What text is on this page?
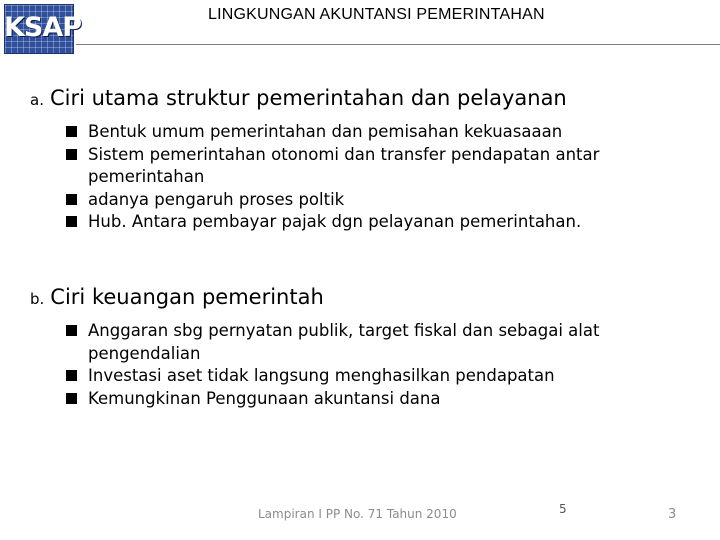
KSAP	LINGKUNGAN AKUNTANSI PEMERINTAHAN
a. Ciri utama struktur pemerintahan dan pelayanan
Bentuk umum pemerintahan dan pemisahan kekuasaaan
Sistem pemerintahan otonomi dan transfer pendapatan antar pemerintahan
adanya pengaruh proses poltik
Hub. Antara pembayar pajak dgn pelayanan pemerintahan.
b. Ciri keuangan pemerintah
Anggaran sbg pernyatan publik, target fiskal dan sebagai alat pengendalian
Investasi aset tidak langsung menghasilkan pendapatan
Kemungkinan Penggunaan akuntansi dana
Lampiran I PP No. 71 Tahun 2010	5	3
